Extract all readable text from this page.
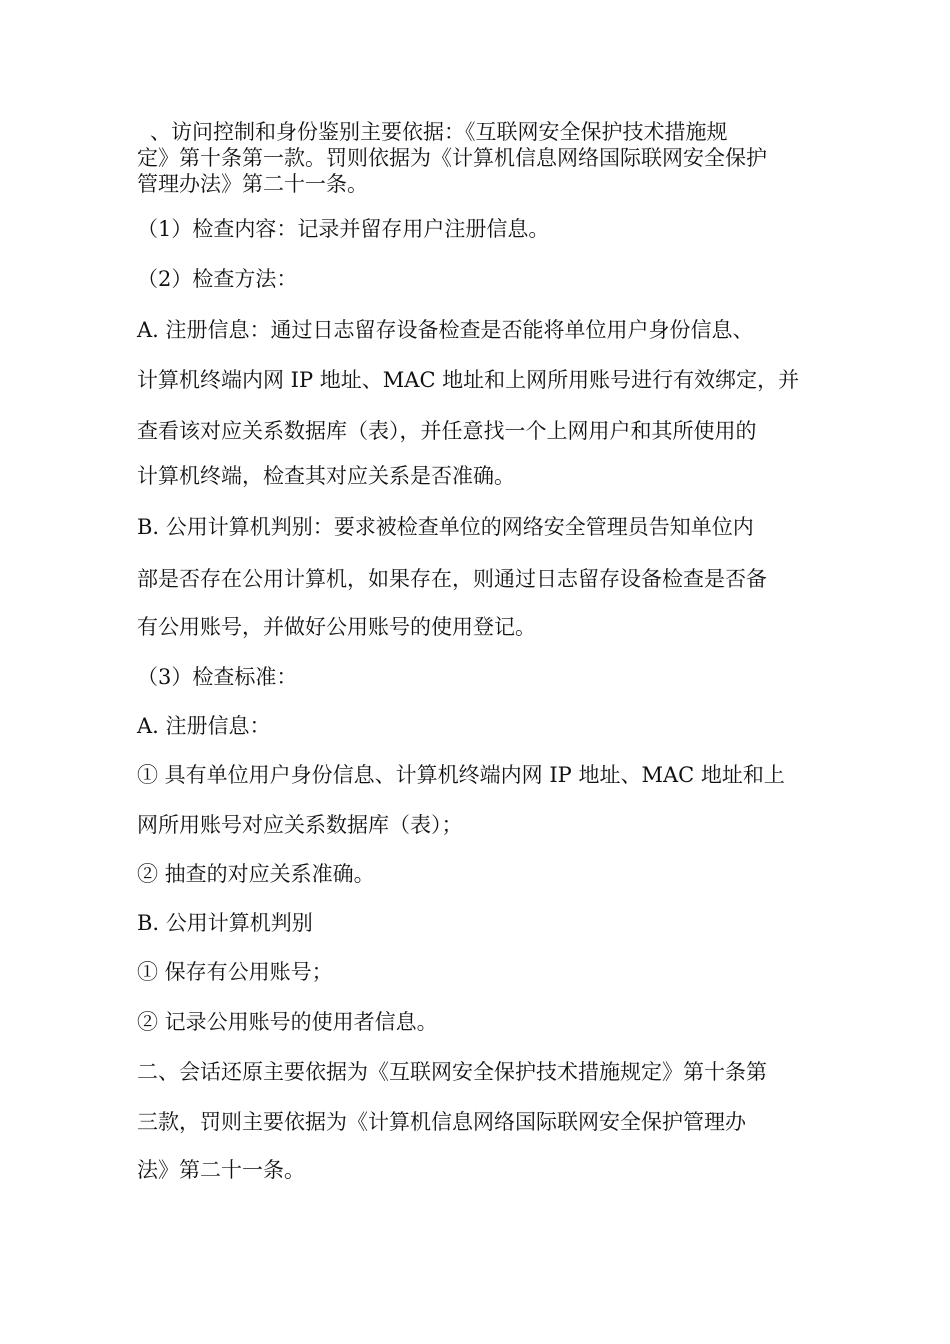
、访问控制和身份鉴别主要依据：《互联网安全保护技术措施规
定》第十条第一款。罚则依据为《计算机信息网络国际联网安全保护
管理办法》第二十一条。
（1）检查内容：记录并留存用户注册信息。
（2）检查方法：
A. 注册信息：通过日志留存设备检查是否能将单位用户身份信息、
计算机终端内网 IP 地址、MAC 地址和上网所用账号进行有效绑定，并
查看该对应关系数据库（表），并任意找一个上网用户和其所使用的
计算机终端，检查其对应关系是否准确。
B. 公用计算机判别：要求被检查单位的网络安全管理员告知单位内
部是否存在公用计算机，如果存在，则通过日志留存设备检查是否备
有公用账号，并做好公用账号的使用登记。
（3）检查标准：
A. 注册信息：
① 具有单位用户身份信息、计算机终端内网 IP 地址、MAC 地址和上
网所用账号对应关系数据库（表）；
② 抽查的对应关系准确。
B. 公用计算机判别
① 保存有公用账号；
② 记录公用账号的使用者信息。
二、会话还原主要依据为《互联网安全保护技术措施规定》第十条第
三款，罚则主要依据为《计算机信息网络国际联网安全保护管理办
法》第二十一条。
